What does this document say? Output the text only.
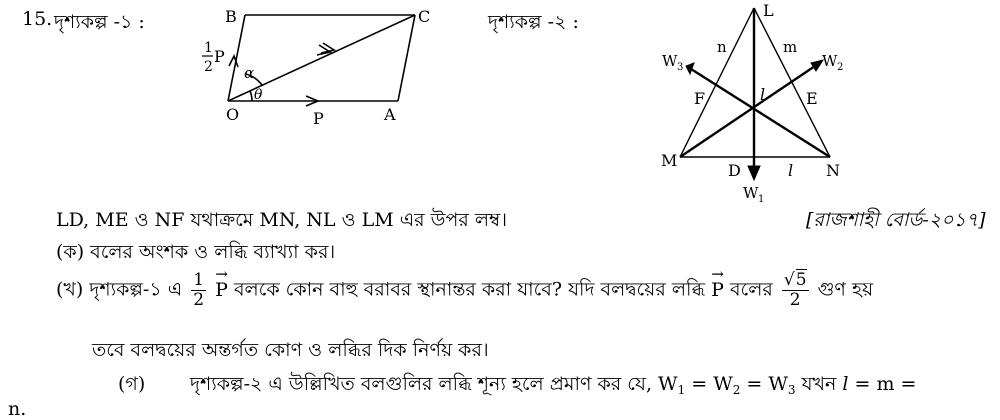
15. দৃশ্যকল্প -১ :	দৃশ্যকল্প -২ :
B	C
O	A
P
1
2
P
α
θ
L
M
N
D
E
F	l
l
n	m
W 3	W 2
W 1
LD, ME ও NF যথাক্রমে MN, NL ও LM এর উপর লম্ব।	[রাজশাহী বোর্ড-২০১৭]
(ক) বলের অংশক ও লব্ধি ব্যাখ্যা কর।
(খ) দৃশ্যকল্প-১ এ $\frac{1}{2}$
→ P বলকে কোন বাহু বরাবর স্থানান্তর করা যাবে? যদি বলদ্বয়ের লব্ধি → P বলের $\frac{√5}{2}$ গুণ হয়
তবে বলদ্বয়ের অন্তর্গত কোণ ও লব্ধির দিক নির্ণয় কর।
(গ) দৃশ্যকল্প-২ এ উল্লিখিত বলগুলির লব্ধি শূন্য হলে প্রমাণ কর যে, $W_1 = W_2 = W_3$ যখন l = m =
n.
